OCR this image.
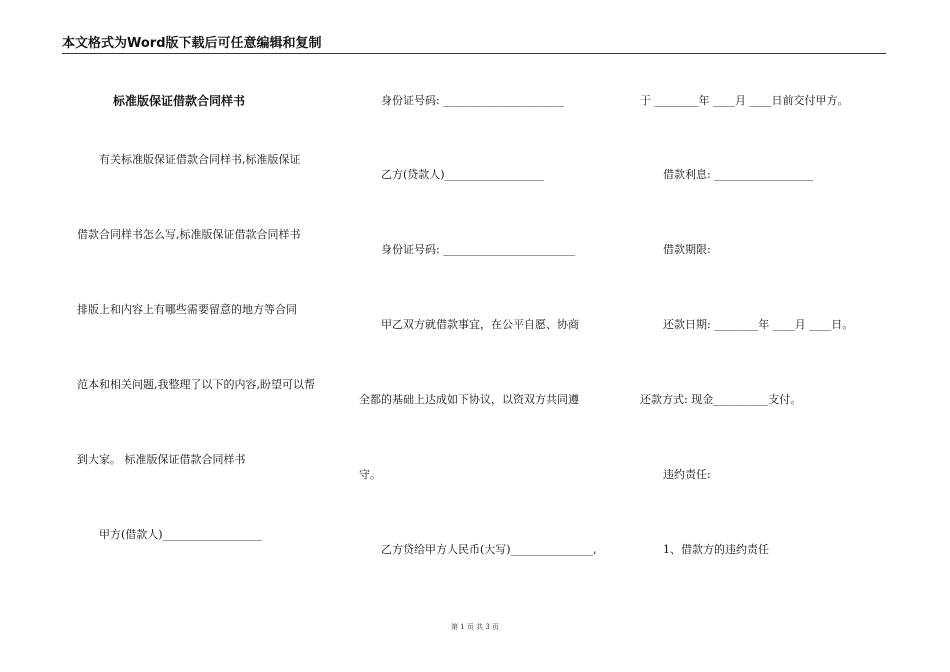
本文格式为Word版下载后可任意编辑和复制
标准版保证借款合同样书
有关标准版保证借款合同样书,标准版保证
借款合同样书怎么写,标准版保证借款合同样书
排版上和内容上有哪些需要留意的地方等合同
范本和相关问题,我整理了以下的内容,盼望可以帮
到大家。 标准版保证借款合同样书
甲方(借款人)__________________
身份证号码: ______________________
乙方(贷款人)__________________
身份证号码: ________________________
甲乙双方就借款事宜，在公平自愿、协商
全都的基础上达成如下协议，以资双方共同遵
守。
乙方贷给甲方人民币(大写)_______________,
于 ________年 ____月 ____日前交付甲方。
借款利息: __________________
借款期限:
还款日期: ________年 ____月 ____日。
还款方式: 现金__________支付。
违约责任:
1、借款方的违约责任
第 1 页 共 3 页
